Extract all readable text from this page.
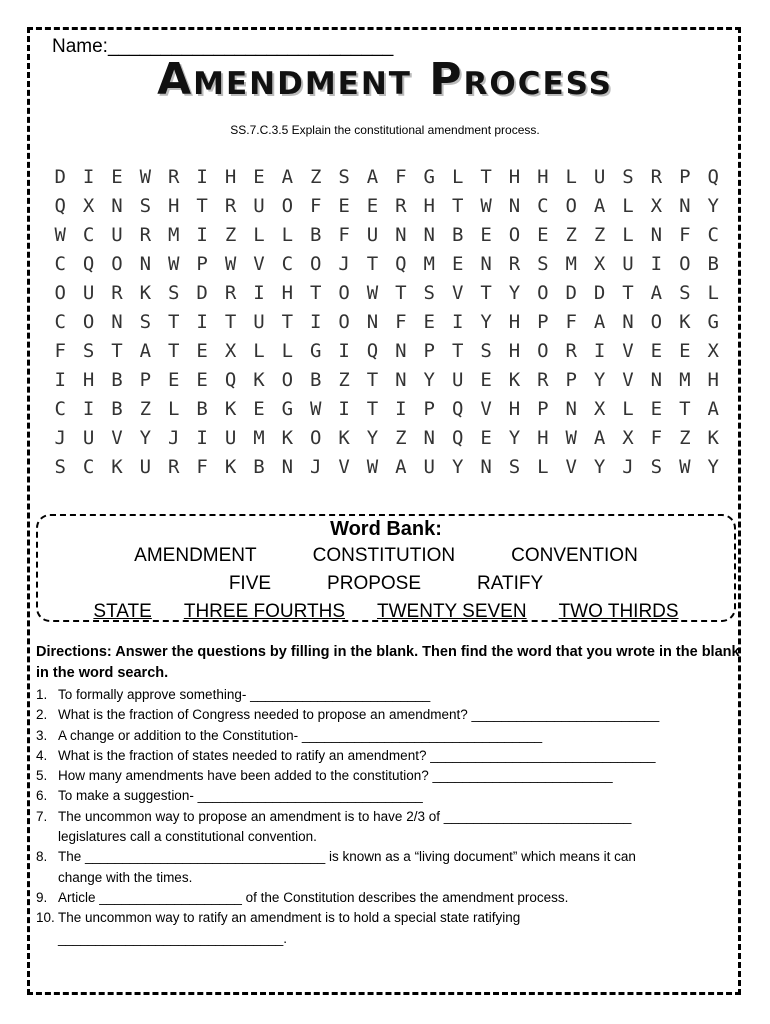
Name:___________________________
Amendment Process
SS.7.C.3.5 Explain the constitutional amendment process.
D I E W R I H E A Z S A F G L T H H L U S R P Q
Q X N S H T R U O F E E R H T W N C O A L X N Y
W C U R M I Z L L B F U N N B E O E Z Z L N F C
C Q O N W P W V C O J T Q M E N R S M X U I O B
O U R K S D R I H T O W T S V T Y O D D T A S L
C O N S T I T U T I O N F E I Y H P F A N O K G
F S T A T E X L L G I Q N P T S H O R I V E E X
I H B P E E Q K O B Z T N Y U E K R P Y V N M H
C I B Z L B K E G W I T I P Q V H P N X L E T A
J U V Y J I U M K O K Y Z N Q E Y H W A X F Z K
S C K U R F K B N J V W A U Y N S L V Y J S W Y
Word Bank:
AMENDMENT	CONSTITUTION	CONVENTION
FIVE	PROPOSE	RATIFY
STATE THREE FOURTHS TWENTY SEVEN TWO THIRDS
Directions: Answer the questions by filling in the blank. Then find the word that you wrote in the blank in the word search.
1. To formally approve something- ________________________
2. What is the fraction of Congress needed to propose an amendment? _________________________
3. A change or addition to the Constitution- ________________________________
4. What is the fraction of states needed to ratify an amendment? ______________________________
5. How many amendments have been added to the constitution? ________________________
6. To make a suggestion- ______________________________
7. The uncommon way to propose an amendment is to have 2/3 of _________________________
legislatures call a constitutional convention.
8. The ________________________________ is known as a “living document” which means it can
change with the times.
9. Article ___________________ of the Constitution describes the amendment process.
10. The uncommon way to ratify an amendment is to hold a special state ratifying
______________________________.
